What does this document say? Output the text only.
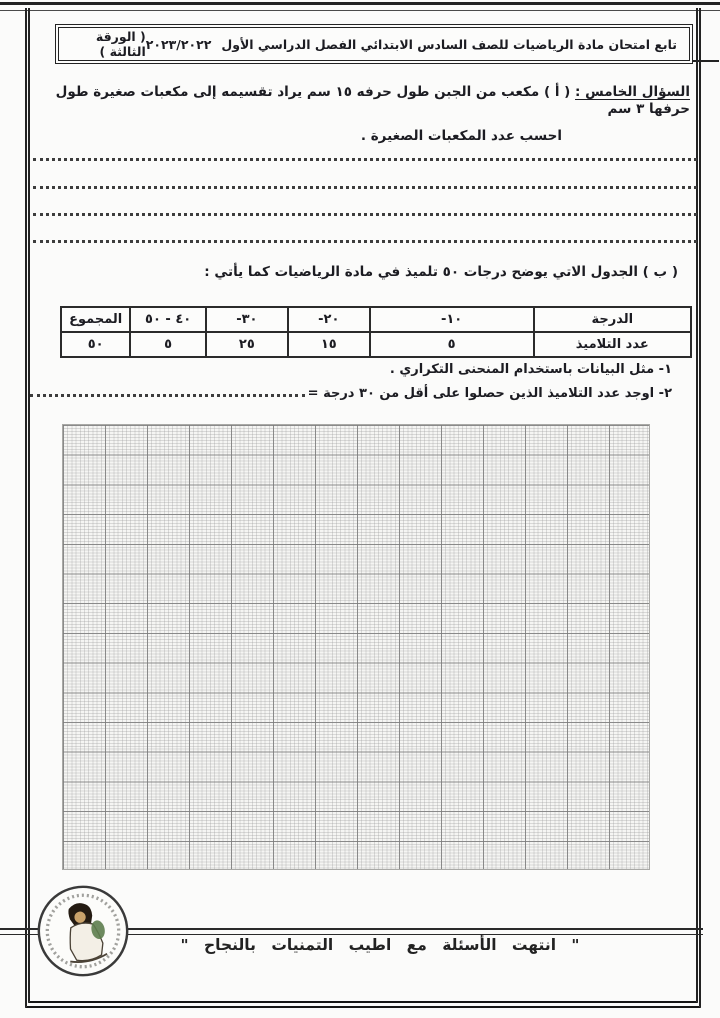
تابع امتحان مادة الرياضيات للصف السادس الابتدائي الفصل الدراسي الأول
٢٠٢٣/٢٠٢٢
( الورقة الثالثة )
السؤال الخامس : ( أ ) مكعب من الجبن طول حرفه ١٥ سم يراد تقسيمه إلى مكعبات صغيرة طول حرفها ٣ سم
احسب عدد المكعبات الصغيرة .
( ب ) الجدول الاتي يوضح درجات ٥٠ تلميذ في مادة الرياضيات كما يأتي :
الدرجة	١٠-	٢٠-	٣٠-	٤٠ - ٥٠	المجموع
عدد التلاميذ	٥	١٥	٢٥	٥	٥٠
١- مثل البيانات باستخدام المنحنى التكراري .
٢- اوجد عدد التلاميذ الذين حصلوا على أقل من ٣٠ درجة =
" انتهت الأسئلة مع اطيب التمنيات بالنجاح "
